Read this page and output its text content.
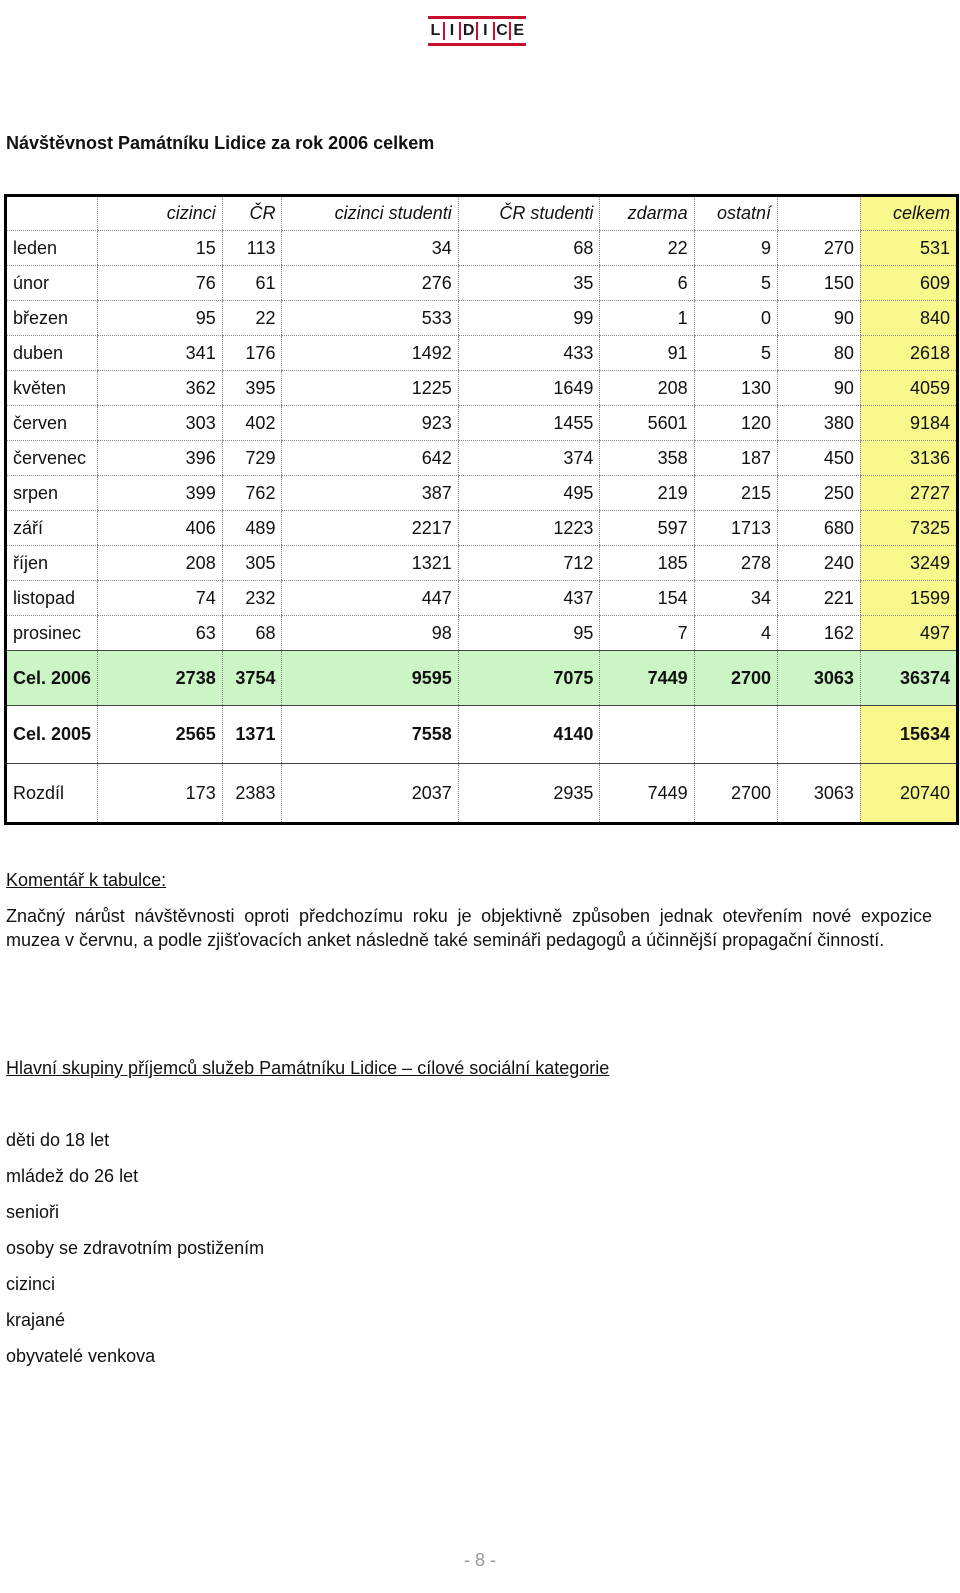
L I D I C E
Návštěvnost Památníku Lidice za rok 2006 celkem
	cizinci	ČR	cizinci studenti	ČR studenti	zdarma	ostatní		celkem
leden	15	113	34	68	22	9	270	531
únor	76	61	276	35	6	5	150	609
březen	95	22	533	99	1	0	90	840
duben	341	176	1492	433	91	5	80	2618
květen	362	395	1225	1649	208	130	90	4059
červen	303	402	923	1455	5601	120	380	9184
červenec	396	729	642	374	358	187	450	3136
srpen	399	762	387	495	219	215	250	2727
září	406	489	2217	1223	597	1713	680	7325
říjen	208	305	1321	712	185	278	240	3249
listopad	74	232	447	437	154	34	221	1599
prosinec	63	68	98	95	7	4	162	497
Cel. 2006	2738	3754	9595	7075	7449	2700	3063	36374
Cel. 2005	2565	1371	7558	4140				15634
Rozdíl	173	2383	2037	2935	7449	2700	3063	20740

Komentář k tabulce:

Značný nárůst návštěvnosti oproti předchozímu roku je objektivně způsoben jednak otevřením nové expozice muzea v červnu, a podle zjišťovacích anket následně také semináři pedagogů a účinnější propagační činností.

Hlavní skupiny příjemců služeb Památníku Lidice – cílové sociální kategorie

děti do 18 let
mládež do 26 let
senioři
osoby se zdravotním postižením
cizinci
krajané
obyvatelé venkova
- 8 -
